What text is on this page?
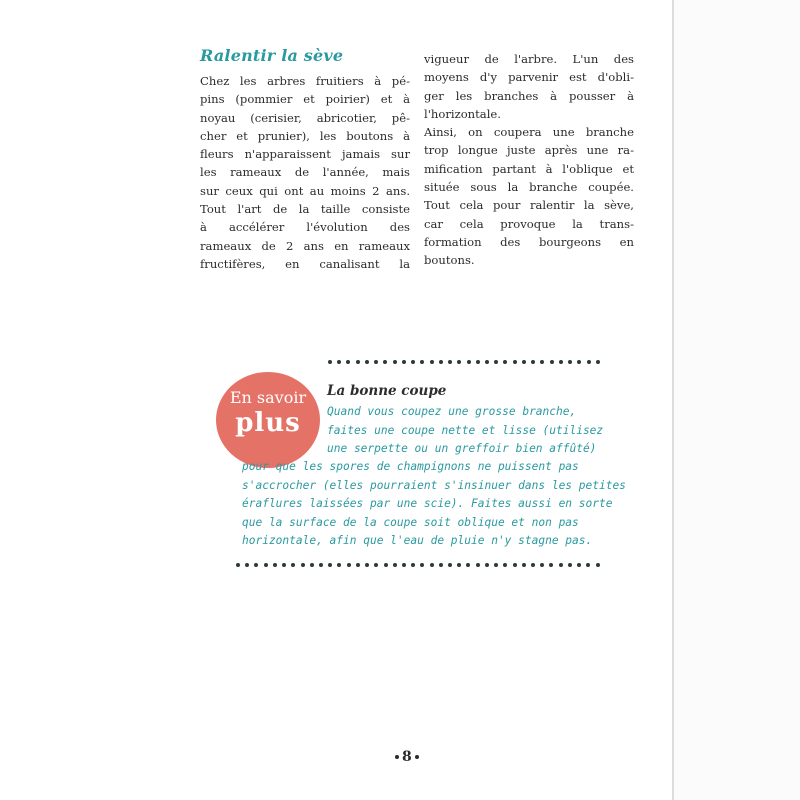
Ralentir la sève
Chez les arbres fruitiers à pé-
pins (pommier et poirier) et à
noyau (cerisier, abricotier, pê-
cher et prunier), les boutons à
fleurs n'apparaissent jamais sur
les rameaux de l'année, mais
sur ceux qui ont au moins 2 ans.
Tout l'art de la taille consiste
à accélérer l'évolution des
rameaux de 2 ans en rameaux
fructifères, en canalisant la
vigueur de l'arbre. L'un des
moyens d'y parvenir est d'obli-
ger les branches à pousser à
l'horizontale.
Ainsi, on coupera une branche
trop longue juste après une ra-
mification partant à l'oblique et
située sous la branche coupée.
Tout cela pour ralentir la sève,
car cela provoque la trans-
formation des bourgeons en
boutons.
En savoir
plus
La bonne coupe
Quand vous coupez une grosse branche,
faites une coupe nette et lisse (utilisez
une serpette ou un greffoir bien affûté)
pour que les spores de champignons ne puissent pas
s'accrocher (elles pourraient s'insinuer dans les petites
éraflures laissées par une scie). Faites aussi en sorte
que la surface de la coupe soit oblique et non pas
horizontale, afin que l'eau de pluie n'y stagne pas.
8
